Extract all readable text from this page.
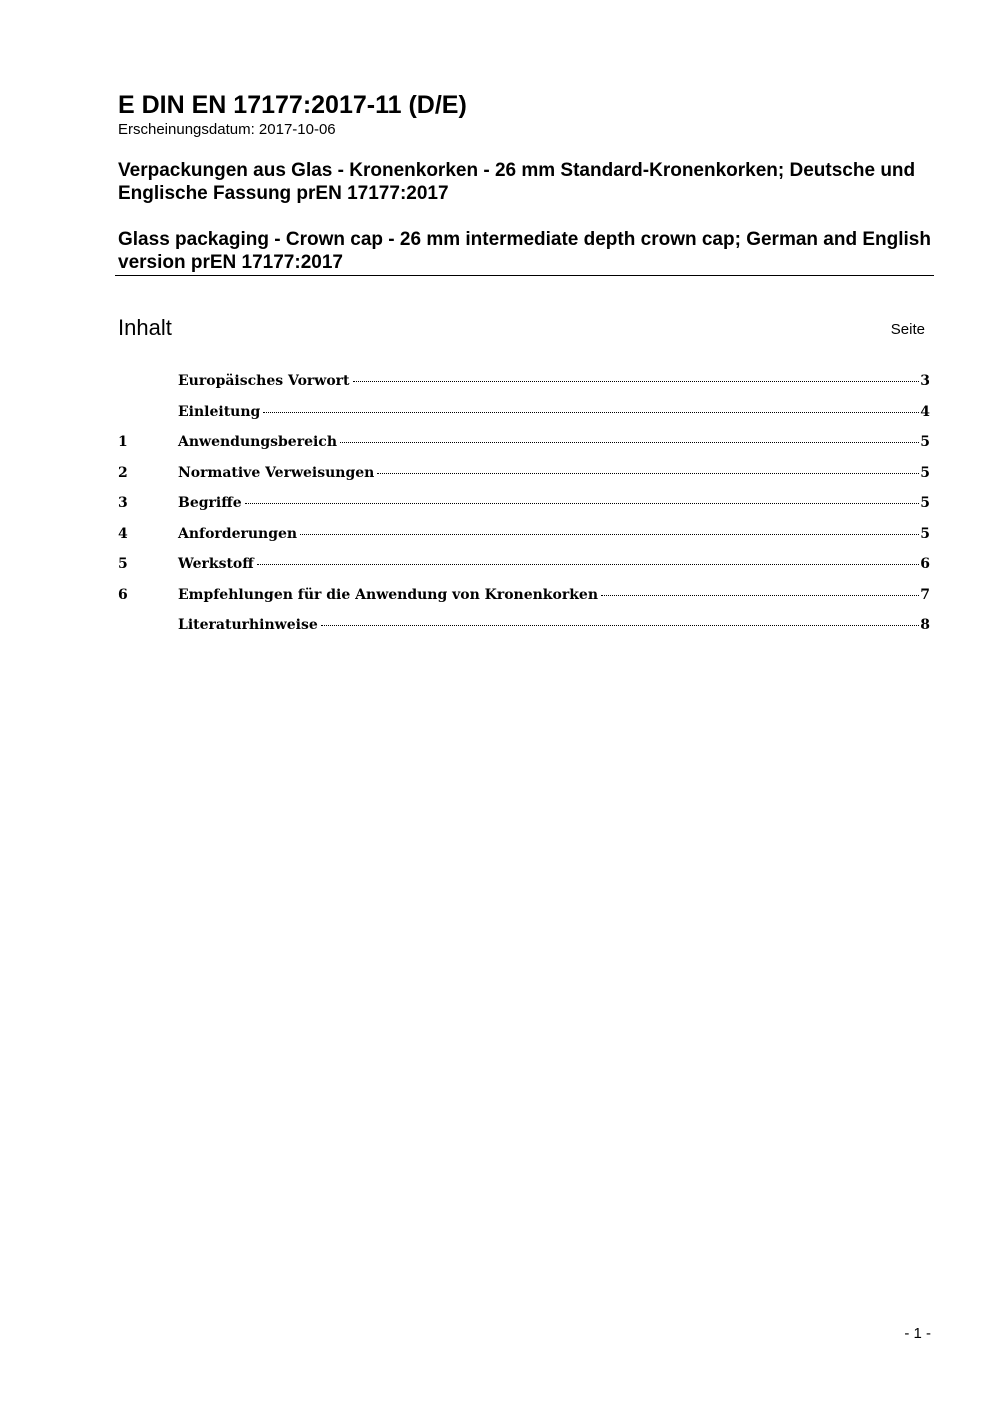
E DIN EN 17177:2017-11 (D/E)
Erscheinungsdatum: 2017-10-06
Verpackungen aus Glas - Kronenkorken - 26 mm Standard-Kronenkorken; Deutsche und Englische Fassung prEN 17177:2017
Glass packaging - Crown cap - 26 mm intermediate depth crown cap; German and English version prEN 17177:2017
Inhalt	Seite
Europäisches Vorwort	3
Einleitung	4
1	Anwendungsbereich	5
2	Normative Verweisungen	5
3	Begriffe	5
4	Anforderungen	5
5	Werkstoff	6
6	Empfehlungen für die Anwendung von Kronenkorken	7
Literaturhinweise	8
- 1 -
